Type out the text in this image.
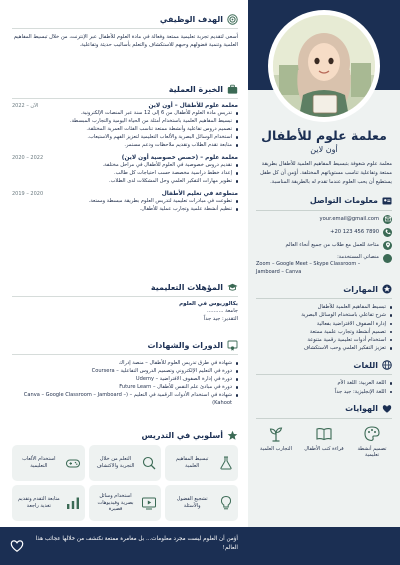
معلمة علوم للأطفال
أون لاين

معلمة علوم شغوفة بتبسيط المفاهيم العلمية للأطفال بطريقة ممتعة وتفاعلية تناسب مستوياتهم المختلفة. أؤمن أن كل طفل يستطيع أن يحب العلوم عندما تقدم له بالطريقة المناسبة.

معلومات التواصل
your.email@gmail.com
+20 123 456 7890
متاحة للعمل مع طلاب من جميع أنحاء العالم
منصاتي المستخدمة:
Zoom – Google Meet – Skype Classroom – Jamboard – Canva
المهارات
تبسيط المفاهيم العلمية للأطفال
شرح تفاعلي باستخدام الوسائل البصرية
إدارة الصفوف الافتراضية بفعالية
تصميم أنشطة وتجارب علمية ممتعة
استخدام أدوات تعليمية رقمية متنوعة
تعزيز التفكير العلمي وحب الاستكشاف
اللغات
اللغة العربية: اللغة الأم
اللغة الإنجليزية: جيد جداً
الهوايات
تصميم أنشطة تعليمية
قراءة كتب الأطفال
التجارب العلمية
الهدف الوظيفي

أسعى لتقديم تجربة تعليمية ممتعة وفعالة في مادة العلوم للأطفال عبر الإنترنت، من خلال تبسيط المفاهيم العلمية وتنمية فضولهم وحبهم للاستكشاف والتعلم بأساليب حديثة وتفاعلية.

الخبرة العملية
معلمة علوم للأطفال – أون لاين
2022 – الآن
تدريس مادة العلوم للأطفال من 6 إلى 12 سنة عبر المنصات الإلكترونية.
تبسيط المفاهيم العلمية باستخدام أمثلة من الحياة اليومية والتجارب المبسطة.
تصميم دروس تفاعلية وأنشطة ممتعة تناسب الفئات العمرية المختلفة.
استخدام الوسائل البصرية والألعاب التعليمية لتعزيز الفهم والاستيعاب.
متابعة تقدم الطلاب وتقديم ملاحظات ودعم مستمر.
معلمة علوم – (حصص خصوصية أون لاين)
2020 – 2022
تقديم دروس خصوصية في العلوم للأطفال في مراحل مختلفة.
إعداد خطط دراسية مخصصة حسب احتياجات كل طالب.
تطوير مهارات التفكير العلمي وحل المشكلات لدى الطلاب.
متطوعة في تعليم الأطفال
2019 – 2020
تطوعت في مبادرات تعليمية لتدريس العلوم بطريقة مبسطة وممتعة.
تنظيم أنشطة علمية وتجارب عملية للأطفال.
المؤهلات التعليمية
بكالوريوس في العلوم
جامعة ..........
التقدير: جيد جداً
الدورات والشهادات
شهادة في طرق تدريس العلوم للأطفال – منصة إدراك
دورة في التعليم الإلكتروني وتصميم الدروس التفاعلية – Coursera
دورة في إدارة الصفوف الافتراضية – Udemy
دورة في مبادئ علم النفس للأطفال – Future Learn
شهادة في استخدام الأدوات الرقمية في التعليم – (Canva – Google Classroom – Jamboard – Kahoot)
أسلوبي في التدريس
تبسيط المفاهيم العلمية
التعلم من خلال التجربة والاكتشاف
استخدام الألعاب التعليمية
تشجيع الفضول والأسئلة
استخدام وسائل بصرية وفيديوهات قصيرة
متابعة التقدم وتقديم تغذية راجعة

أؤمن أن العلوم ليست مجرد معلومات... بل مغامرة ممتعة نكتشف من خلالها عجائب هذا العالم!
